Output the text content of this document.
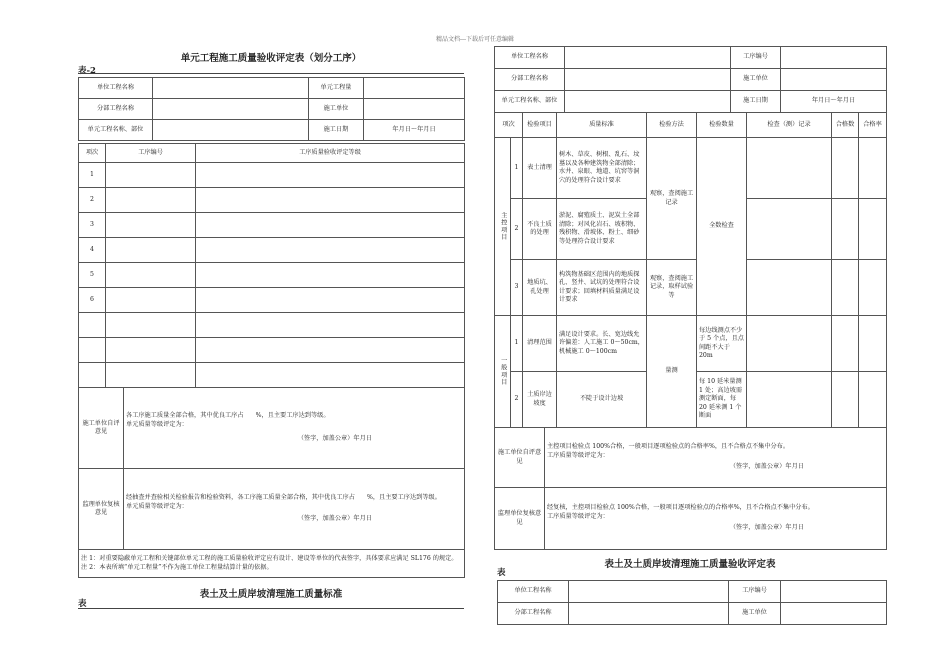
精品文档---下载后可任意编辑
单元工程施工质量验收评定表（划分工序）
表-2
单位工程名称		单元工程量	
分部工程名称		施工单位	
单元工程名称、部位		施工日期	年月日～年月日
项次	工序编号	工序质量验收评定等级
1		
2		
3		
4		
5		
6		

施工单位自评意见	各工序施工质量全部合格，其中优良工序占 %，且主要工序达到等级。
单元质量等级评定为：
（签字，加盖公章）年月日

监理单位复核意见	经抽查并查验相关检验报告和检验资料，各工序施工质量全部合格，其中优良工序占 %，且主要工序达到等级。
单元质量等级评定为：
（签字，加盖公章）年月日

注 1：对重要隐蔽单元工程和关键部位单元工程的施工质量验收评定应有设计、建设等单位的代表签字，具体要求应满足 SL176 的规定。
注 2：本表所填“单元工程量”不作为施工单位工程量结算计量的依据。	
表土及土质岸坡清理施工质量标准
表
单位工程名称		工序编号	
分部工程名称		施工单位	
单元工程名称、部位		施工日期	年月日～年月日
项次		检验项目	质量标准	检验方法	检验数量	检查（测）记录	合格数	合格率
主控项目	1	表土清理	树木、草皮、树根、乱石、坟墓以及各种建筑物全部清除；水井、泉眼、地道、坑窖等洞穴的处理符合设计要求	观察，查阅施工记录	全数检查			
	2	不良土质的处理	淤泥、腐殖质土、泥炭土全部清除；对风化岩石、坡积物、残积物、滑坡体、粉土、细砂等处理符合设计要求					
	3	地质坑、孔处理	构筑物基础区范围内的地质探孔、竖井、试坑的处理符合设计要求；回填材料质量满足设计要求	观察，查阅施工记录，取样试验等				
一般项目	1	清理范围	满足设计要求。长、宽边线允许偏差：人工施工 0～50cm，机械施工 0～100cm	量测	每边线测点不少于 5 个点，且点间距不大于 20m			
	2	土质岸边坡度	不陡于设计边坡		每 10 延米量测 1 处；高边坡需测定断面，每 20 延米测 1 个断面			
施工单位自评意见	主控项目检验点 100%合格，一般项目逐项检验点的合格率%，且不合格点不集中分布。
工序质量等级评定为：
（签字，加盖公章）年月日

监理单位复核意见	经复核，主控项目检验点 100%合格，一般项目逐项检验点的合格率%，且不合格点不集中分布。
工序质量等级评定为：
（签字，加盖公章）年月日
表土及土质岸坡清理施工质量验收评定表
表
单位工程名称		工序编号	
分部工程名称		施工单位	
